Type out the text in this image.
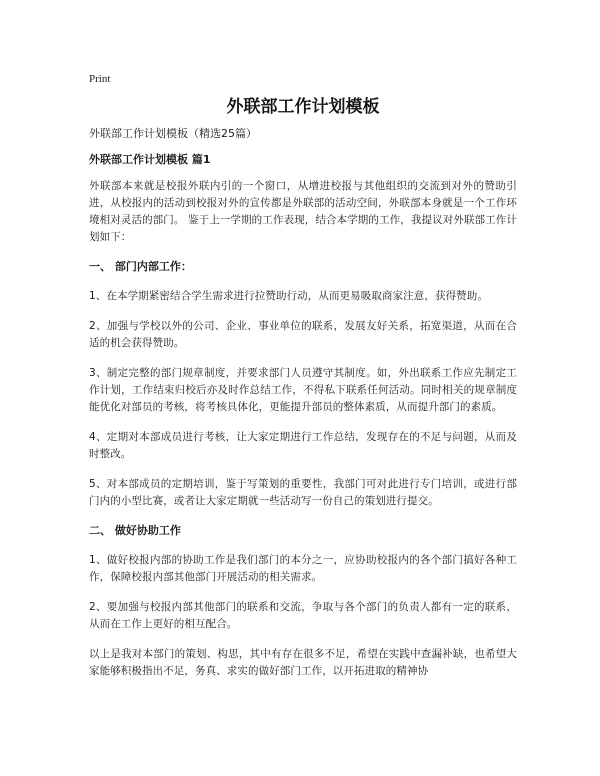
Print
外联部工作计划模板
外联部工作计划模板（精选25篇）
外联部工作计划模板 篇1
外联部本来就是校报外联内引的一个窗口，从增进校报与其他组织的交流到对外的赞助引进，从校报内的活动到校报对外的宣传都是外联部的活动空间，外联部本身就是一个工作环境相对灵活的部门。 鉴于上一学期的工作表现，结合本学期的工作，我提议对外联部工作计划如下：
一、 部门内部工作：
1、在本学期紧密结合学生需求进行拉赞助行动，从而更易吸取商家注意，获得赞助。
2、加强与学校以外的公司、企业、事业单位的联系，发展友好关系，拓宽渠道，从而在合适的机会获得赞助。
3、制定完整的部门规章制度，并要求部门人员遵守其制度。如，外出联系工作应先制定工作计划，工作结束归校后亦及时作总结工作，不得私下联系任何活动。同时相关的规章制度能优化对部员的考核，将考核具体化，更能提升部员的整体素质，从而提升部门的素质。
4、定期对本部成员进行考核，让大家定期进行工作总结，发现存在的不足与问题，从而及时整改。
5、对本部成员的定期培训，鉴于写策划的重要性，我部门可对此进行专门培训，或进行部门内的小型比赛，或者让大家定期就一些活动写一份自己的策划进行提交。
二、 做好协助工作
1、做好校报内部的协助工作是我们部门的本分之一，应协助校报内的各个部门搞好各种工作，保障校报内部其他部门开展活动的相关需求。
2、要加强与校报内部其他部门的联系和交流，争取与各个部门的负责人都有一定的联系，从而在工作上更好的相互配合。
以上是我对本部门的策划、构思，其中有存在很多不足，希望在实践中查漏补缺，也希望大家能够积极指出不足，务真、求实的做好部门工作，以开拓进取的精神协
